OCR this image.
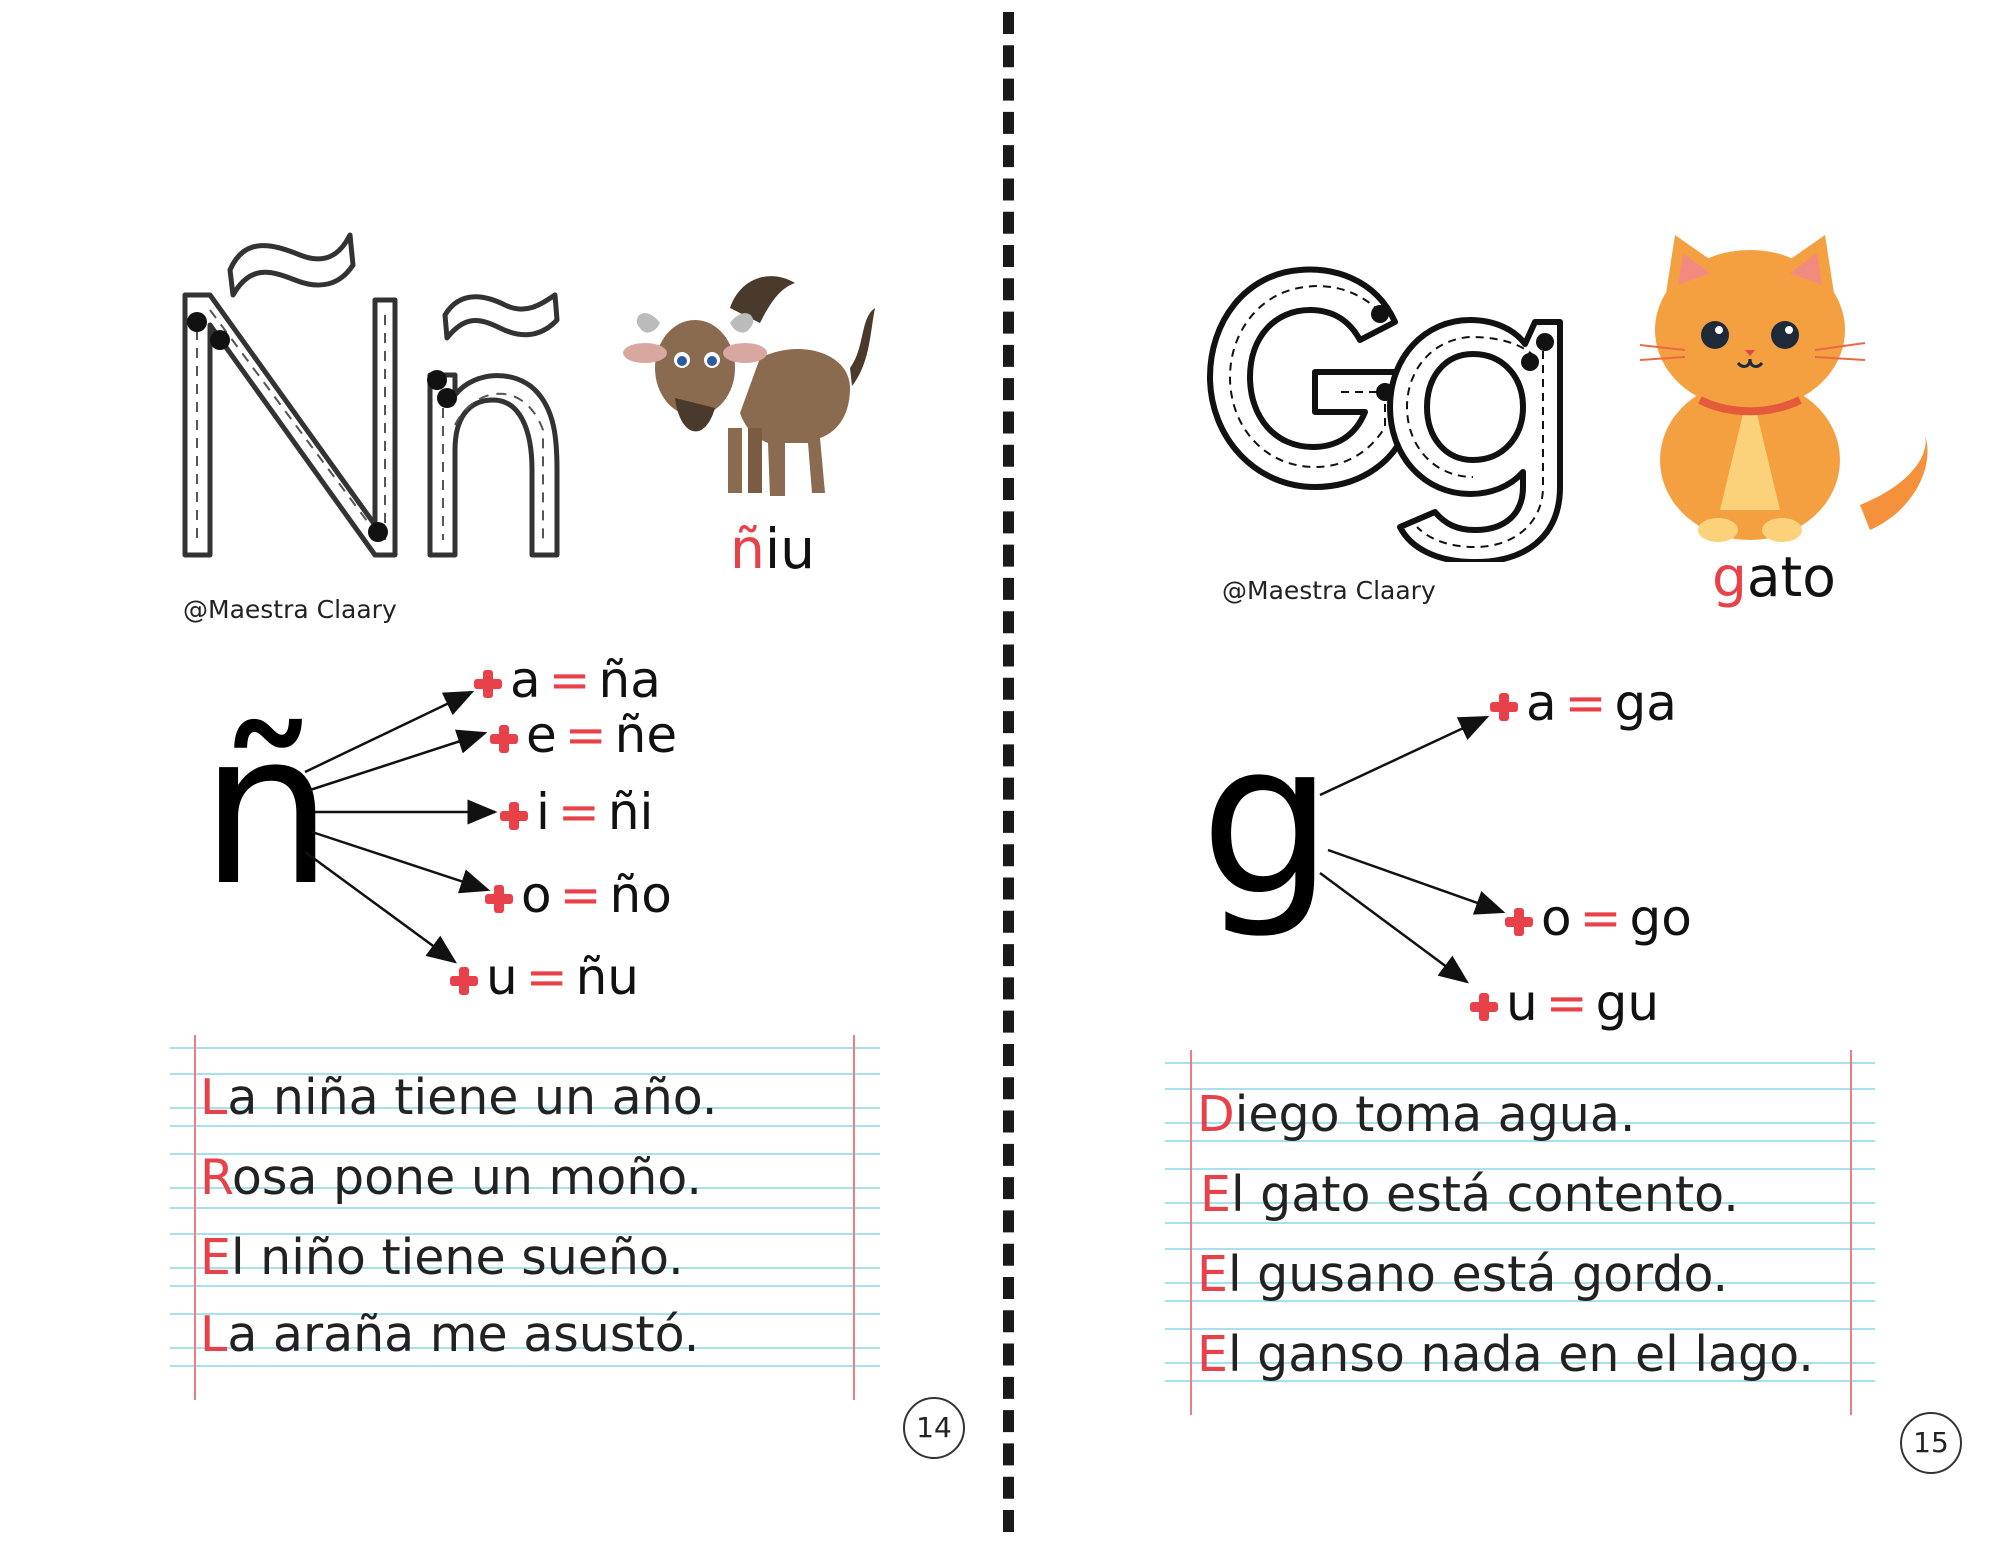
ñiu
@Maestra Claary
ñ
a = ña
e = ñe
i = ñi
o = ño
u = ñu
La niña tiene un año.
Rosa pone un moño.
El niño tiene sueño.
La araña me asustó.
14
gato
@Maestra Claary
g	a = ga
o = go
u = gu
Diego toma agua.
El gato está contento.
El gusano está gordo.
El ganso nada en el lago.
15
